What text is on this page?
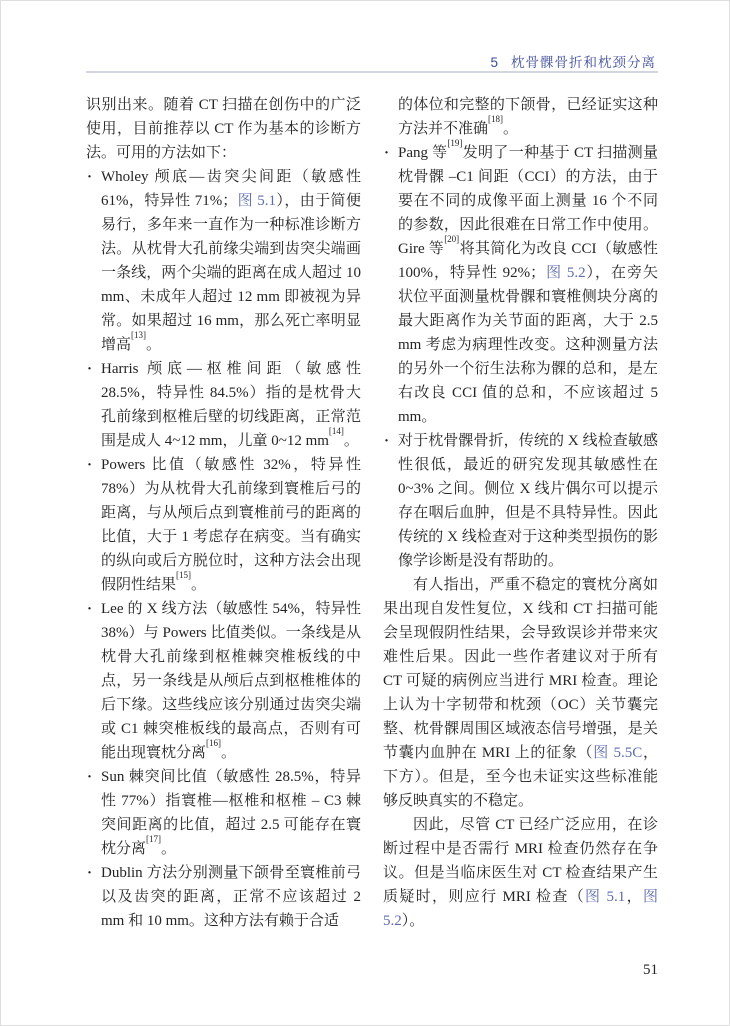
5 枕骨髁骨折和枕颈分离
识别出来。随着 CT 扫描在创伤中的广泛使用，目前推荐以 CT 作为基本的诊断方法。可用的方法如下：
· Wholey 颅底—齿突尖间距（敏感性 61%，特异性 71%；图 5.1），由于简便易行，多年来一直作为一种标准诊断方法。从枕骨大孔前缘尖端到齿突尖端画一条线，两个尖端的距离在成人超过 10 mm、未成年人超过 12 mm 即被视为异常。如果超过 16 mm，那么死亡率明显增高[13]。
· Harris 颅底—枢椎间距（敏感性 28.5%，特异性 84.5%）指的是枕骨大孔前缘到枢椎后壁的切线距离，正常范围是成人 4~12 mm，儿童 0~12 mm[14]。
· Powers 比值（敏感性 32%，特异性 78%）为从枕骨大孔前缘到寰椎后弓的距离，与从颅后点到寰椎前弓的距离的比值，大于 1 考虑存在病变。当有确实的纵向或后方脱位时，这种方法会出现假阴性结果[15]。
· Lee 的 X 线方法（敏感性 54%，特异性 38%）与 Powers 比值类似。一条线是从枕骨大孔前缘到枢椎棘突椎板线的中点，另一条线是从颅后点到枢椎椎体的后下缘。这些线应该分别通过齿突尖端或 C1 棘突椎板线的最高点，否则有可能出现寰枕分离[16]。
· Sun 棘突间比值（敏感性 28.5%，特异性 77%）指寰椎—枢椎和枢椎 – C3 棘突间距离的比值，超过 2.5 可能存在寰枕分离[17]。
· Dublin 方法分别测量下颌骨至寰椎前弓以及齿突的距离，正常不应该超过 2 mm 和 10 mm。这种方法有赖于合适
的体位和完整的下颌骨，已经证实这种方法并不准确[18]。
· Pang 等[19]发明了一种基于 CT 扫描测量枕骨髁 –C1 间距（CCI）的方法，由于要在不同的成像平面上测量 16 个不同的参数，因此很难在日常工作中使用。Gire 等[20]将其简化为改良 CCI（敏感性 100%，特异性 92%；图 5.2），在旁矢状位平面测量枕骨髁和寰椎侧块分离的最大距离作为关节面的距离，大于 2.5 mm 考虑为病理性改变。这种测量方法的另外一个衍生法称为髁的总和，是左右改良 CCI 值的总和，不应该超过 5 mm。
· 对于枕骨髁骨折，传统的 X 线检查敏感性很低，最近的研究发现其敏感性在 0~3% 之间。侧位 X 线片偶尔可以提示存在咽后血肿，但是不具特异性。因此传统的 X 线检查对于这种类型损伤的影像学诊断是没有帮助的。
有人指出，严重不稳定的寰枕分离如果出现自发性复位，X 线和 CT 扫描可能会呈现假阴性结果，会导致误诊并带来灾难性后果。因此一些作者建议对于所有 CT 可疑的病例应当进行 MRI 检查。理论上认为十字韧带和枕颈（OC）关节囊完整、枕骨髁周围区域液态信号增强，是关节囊内血肿在 MRI 上的征象（图 5.5C，下方）。但是，至今也未证实这些标准能够反映真实的不稳定。
因此，尽管 CT 已经广泛应用，在诊断过程中是否需行 MRI 检查仍然存在争议。但是当临床医生对 CT 检查结果产生质疑时，则应行 MRI 检查（图 5.1，图 5.2）。
51
